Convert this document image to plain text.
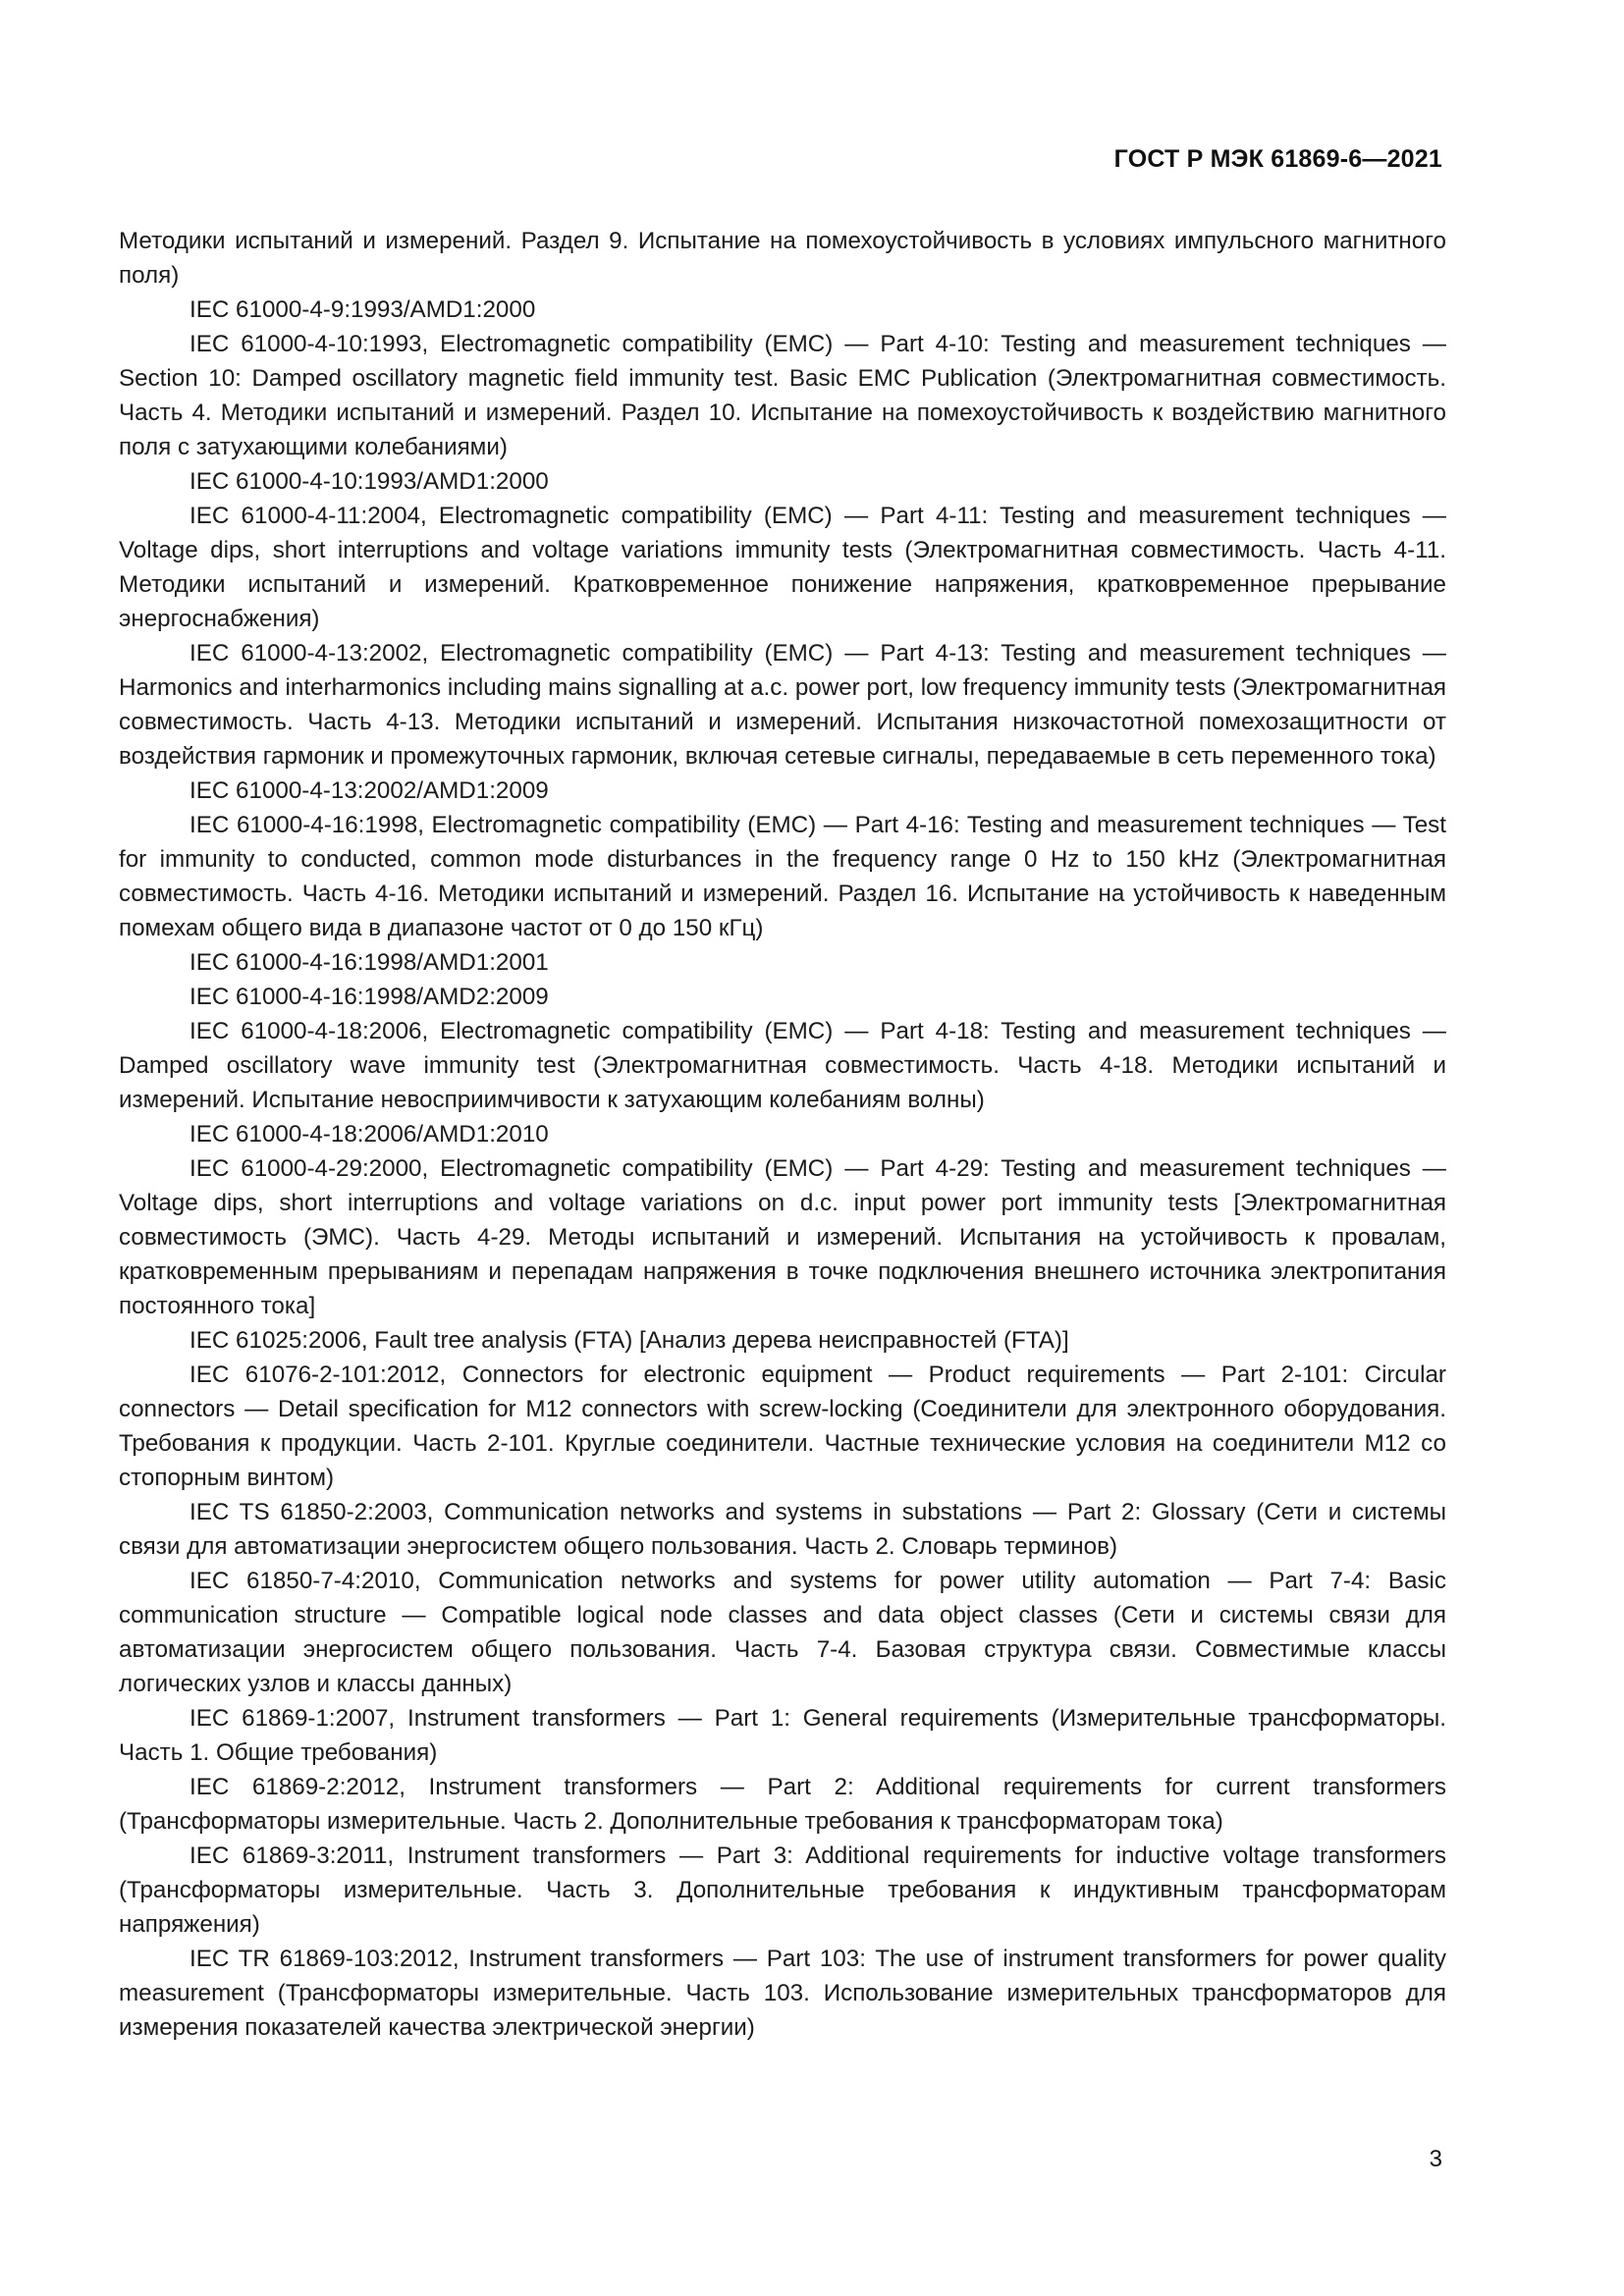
ГОСТ Р МЭК 61869-6—2021

Методики испытаний и измерений. Раздел 9. Испытание на помехоустойчивость в условиях импульсного магнитного поля)

IEC 61000-4-9:1993/AMD1:2000

IEC 61000-4-10:1993, Electromagnetic compatibility (EMC) — Part 4-10: Testing and measurement techniques — Section 10: Damped oscillatory magnetic field immunity test. Basic EMC Publication (Электромагнитная совместимость. Часть 4. Методики испытаний и измерений. Раздел 10. Испытание на помехоустойчивость к воздействию магнитного поля с затухающими колебаниями)

IEC 61000-4-10:1993/AMD1:2000

IEC 61000-4-11:2004, Electromagnetic compatibility (EMC) — Part 4-11: Testing and measurement techniques — Voltage dips, short interruptions and voltage variations immunity tests (Электромагнитная совместимость. Часть 4-11. Методики испытаний и измерений. Кратковременное понижение напряжения, кратковременное прерывание энергоснабжения)

IEC 61000-4-13:2002, Electromagnetic compatibility (EMC) — Part 4-13: Testing and measurement techniques — Harmonics and interharmonics including mains signalling at a.c. power port, low frequency immunity tests (Электромагнитная совместимость. Часть 4-13. Методики испытаний и измерений. Испытания низкочастотной помехозащитности от воздействия гармоник и промежуточных гармоник, включая сетевые сигналы, передаваемые в сеть переменного тока)

IEC 61000-4-13:2002/AMD1:2009

IEC 61000-4-16:1998, Electromagnetic compatibility (EMC) — Part 4-16: Testing and measurement techniques — Test for immunity to conducted, common mode disturbances in the frequency range 0 Hz to 150 kHz (Электромагнитная совместимость. Часть 4-16. Методики испытаний и измерений. Раздел 16. Испытание на устойчивость к наведенным помехам общего вида в диапазоне частот от 0 до 150 кГц)

IEC 61000-4-16:1998/AMD1:2001

IEC 61000-4-16:1998/AMD2:2009

IEC 61000-4-18:2006, Electromagnetic compatibility (EMC) — Part 4-18: Testing and measurement techniques — Damped oscillatory wave immunity test (Электромагнитная совместимость. Часть 4-18. Методики испытаний и измерений. Испытание невосприимчивости к затухающим колебаниям волны)

IEC 61000-4-18:2006/AMD1:2010

IEC 61000-4-29:2000, Electromagnetic compatibility (EMC) — Part 4-29: Testing and measurement techniques — Voltage dips, short interruptions and voltage variations on d.c. input power port immunity tests [Электромагнитная совместимость (ЭМС). Часть 4-29. Методы испытаний и измерений. Испытания на устойчивость к провалам, кратковременным прерываниям и перепадам напряжения в точке подключения внешнего источника электропитания постоянного тока]

IEC 61025:2006, Fault tree analysis (FTA) [Анализ дерева неисправностей (FTA)]

IEC 61076-2-101:2012, Connectors for electronic equipment — Product requirements — Part 2-101: Circular connectors — Detail specification for M12 connectors with screw-locking (Соединители для электронного оборудования. Требования к продукции. Часть 2-101. Круглые соединители. Частные технические условия на соединители М12 со стопорным винтом)

IEC TS 61850-2:2003, Communication networks and systems in substations — Part 2: Glossary (Сети и системы связи для автоматизации энергосистем общего пользования. Часть 2. Словарь терминов)

IEC 61850-7-4:2010, Communication networks and systems for power utility automation — Part 7-4: Basic communication structure — Compatible logical node classes and data object classes (Сети и системы связи для автоматизации энергосистем общего пользования. Часть 7-4. Базовая структура связи. Совместимые классы логических узлов и классы данных)

IEC 61869-1:2007, Instrument transformers — Part 1: General requirements (Измерительные трансформаторы. Часть 1. Общие требования)

IEC 61869-2:2012, Instrument transformers — Part 2: Additional requirements for current transformers (Трансформаторы измерительные. Часть 2. Дополнительные требования к трансформаторам тока)

IEC 61869-3:2011, Instrument transformers — Part 3: Additional requirements for inductive voltage transformers (Трансформаторы измерительные. Часть 3. Дополнительные требования к индуктивным трансформаторам напряжения)

IEC TR 61869-103:2012, Instrument transformers — Part 103: The use of instrument transformers for power quality measurement (Трансформаторы измерительные. Часть 103. Использование измерительных трансформаторов для измерения показателей качества электрической энергии)

3
